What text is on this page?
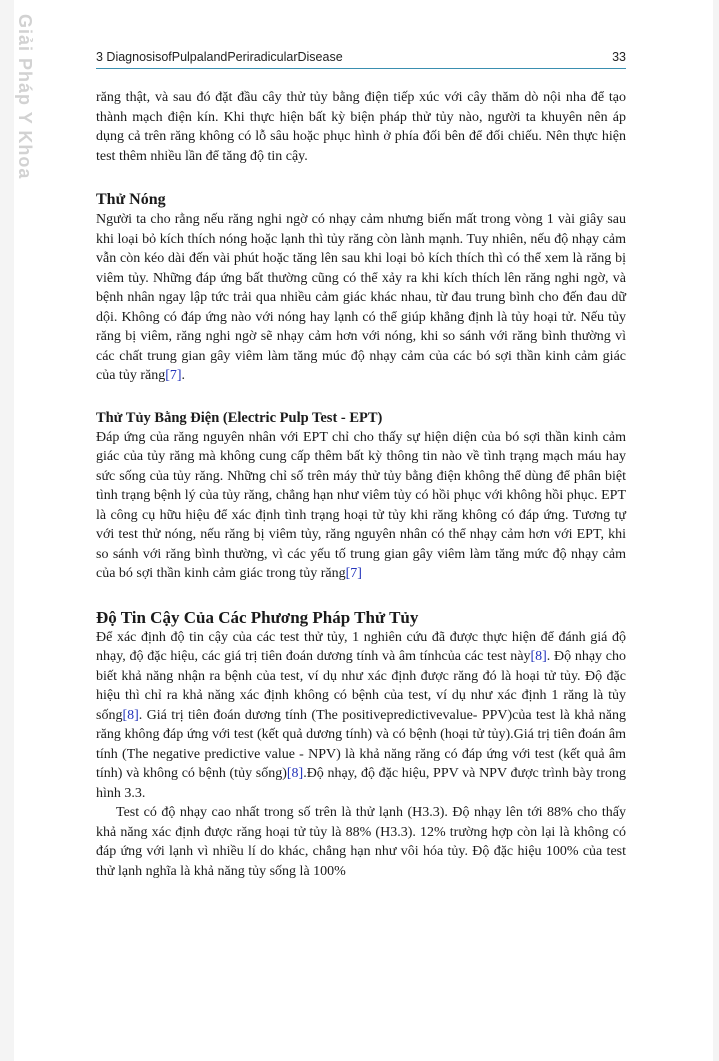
Giải Pháp Y Khoa	3 DiagnosisofPulpalandPeriradicularDisease	33

răng thật, và sau đó đặt đầu cây thử tủy bằng điện tiếp xúc với cây thăm dò nội nha để tạo thành mạch điện kín. Khi thực hiện bất kỳ biện pháp thử tủy nào, người ta khuyên nên áp dụng cả trên răng không có lỗ sâu hoặc phục hình ở phía đối bên để đối chiếu. Nên thực hiện test thêm nhiều lần để tăng độ tin cậy.

Thử Nóng

Người ta cho rằng nếu răng nghi ngờ có nhạy cảm nhưng biến mất trong vòng 1 vài giây sau khi loại bỏ kích thích nóng hoặc lạnh thì tủy răng còn lành mạnh. Tuy nhiên, nếu độ nhạy cảm vẫn còn kéo dài đến vài phút hoặc tăng lên sau khi loại bỏ kích thích thì có thể xem là răng bị viêm tủy. Những đáp ứng bất thường cũng có thể xảy ra khi kích thích lên răng nghi ngờ, và bệnh nhân ngay lập tức trải qua nhiều cảm giác khác nhau, từ đau trung bình cho đến đau dữ dội. Không có đáp ứng nào với nóng hay lạnh có thể giúp khẳng định là tủy hoại tử. Nếu tủy răng bị viêm, răng nghi ngờ sẽ nhạy cảm hơn với nóng, khi so sánh với răng bình thường vì các chất trung gian gây viêm làm tăng múc độ nhạy cảm của các bó sợi thần kinh cảm giác của tủy răng[7].

Thử Tủy Bằng Điện (Electric Pulp Test - EPT)

Đáp ứng của răng nguyên nhân với EPT chỉ cho thấy sự hiện diện của bó sợi thần kinh cảm giác của tủy răng mà không cung cấp thêm bất kỳ thông tin nào về tình trạng mạch máu hay sức sống của tủy răng. Những chỉ số trên máy thử tủy bằng điện không thể dùng để phân biệt tình trạng bệnh lý của tủy răng, chẳng hạn như viêm tủy có hồi phục với không hồi phục. EPT là công cụ hữu hiệu để xác định tình trạng hoại tử tủy khi răng không có đáp ứng. Tương tự với test thử nóng, nếu răng bị viêm tủy, răng nguyên nhân có thể nhạy cảm hơn với EPT, khi so sánh với răng bình thường, vì các yếu tố trung gian gây viêm làm tăng mức độ nhạy cảm của bó sợi thần kinh cảm giác trong tủy răng[7]

Độ Tin Cậy Của Các Phương Pháp Thử Tủy

Để xác định độ tin cậy của các test thử tủy, 1 nghiên cứu đã được thực hiện để đánh giá độ nhạy, độ đặc hiệu, các giá trị tiên đoán dương tính và âm tínhcủa các test này[8]. Độ nhạy cho biết khả năng nhận ra bệnh của test, ví dụ như xác định được răng đó là hoại tử tủy. Độ đặc hiệu thì chỉ ra khả năng xác định không có bệnh của test, ví dụ như xác định 1 răng là tủy sống[8]. Giá trị tiên đoán dương tính (The positivepredictivevalue- PPV)của test là khả năng răng không đáp ứng với test (kết quả dương tính) và có bệnh (hoại tử tủy).Giá trị tiên đoán âm tính (The negative predictive value - NPV) là khả năng răng có đáp ứng với test (kết quả âm tính) và không có bệnh (tủy sống)[8].Độ nhạy, độ đặc hiệu, PPV và NPV được trình bày trong hình 3.3.

Test có độ nhạy cao nhất trong số trên là thử lạnh (H3.3). Độ nhạy lên tới 88% cho thấy khả năng xác định được răng hoại tử tủy là 88% (H3.3). 12% trường hợp còn lại là không có đáp ứng với lạnh vì nhiều lí do khác, chẳng hạn như vôi hóa tủy. Độ đặc hiệu 100% của test thử lạnh nghĩa là khả năng tủy sống là 100%
